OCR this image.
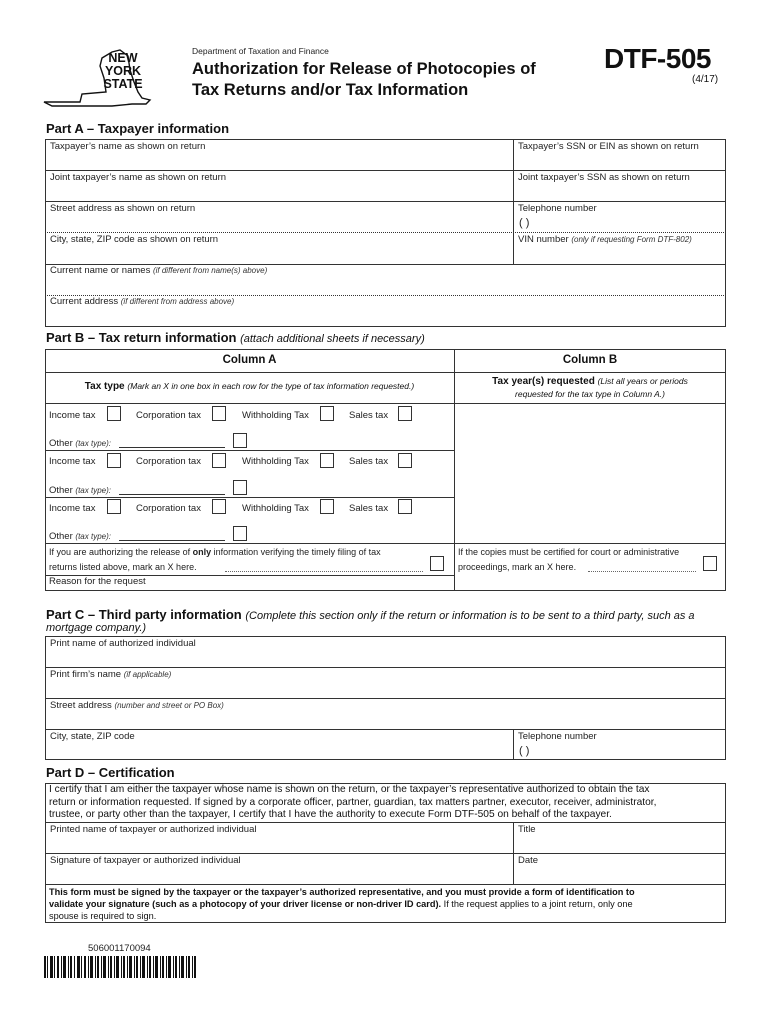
NEW YORK STATE
Department of Taxation and Finance
Authorization for Release of Photocopies of
Tax Returns and/or Tax Information
DTF-505
(4/17)
Part A – Taxpayer information
Taxpayer’s name as shown on return	Taxpayer’s SSN or EIN as shown on return
Joint taxpayer’s name as shown on return	Joint taxpayer’s SSN as shown on return
Street address as shown on return	Telephone number
( )
City, state, ZIP code as shown on return	VIN number (only if requesting Form DTF-802)
Current name or names (if different from name(s) above)
Current address (if different from address above)
Part B – Tax return information (attach additional sheets if necessary)
Column A	Column B
Tax type (Mark an X in one box in each row for the type of tax information requested.)	Tax year(s) requested (List all years or periods
requested for the tax type in Column A.)
Income tax	Corporation tax	Withholding Tax	Sales tax
Other (tax type):
Income tax	Corporation tax	Withholding Tax	Sales tax
Other (tax type):
Income tax	Corporation tax	Withholding Tax	Sales tax
Other (tax type):
If you are authorizing the release of only information verifying the timely filing of tax
returns listed above, mark an X here.
If the copies must be certified for court or administrative
proceedings, mark an X here.
Reason for the request
Part C – Third party information (Complete this section only if the return or information is to be sent to a third party, such as a
mortgage company.)
Print name of authorized individual
Print firm’s name (if applicable)
Street address (number and street or PO Box)
City, state, ZIP code	Telephone number
( )
Part D – Certification
I certify that I am either the taxpayer whose name is shown on the return, or the taxpayer’s representative authorized to obtain the tax
return or information requested. If signed by a corporate officer, partner, guardian, tax matters partner, executor, receiver, administrator,
trustee, or party other than the taxpayer, I certify that I have the authority to execute Form DTF-505 on behalf of the taxpayer.
Printed name of taxpayer or authorized individual	Title
Signature of taxpayer or authorized individual	Date
This form must be signed by the taxpayer or the taxpayer’s authorized representative, and you must provide a form of identification to
validate your signature (such as a photocopy of your driver license or non-driver ID card). If the request applies to a joint return, only one
spouse is required to sign.
506001170094
